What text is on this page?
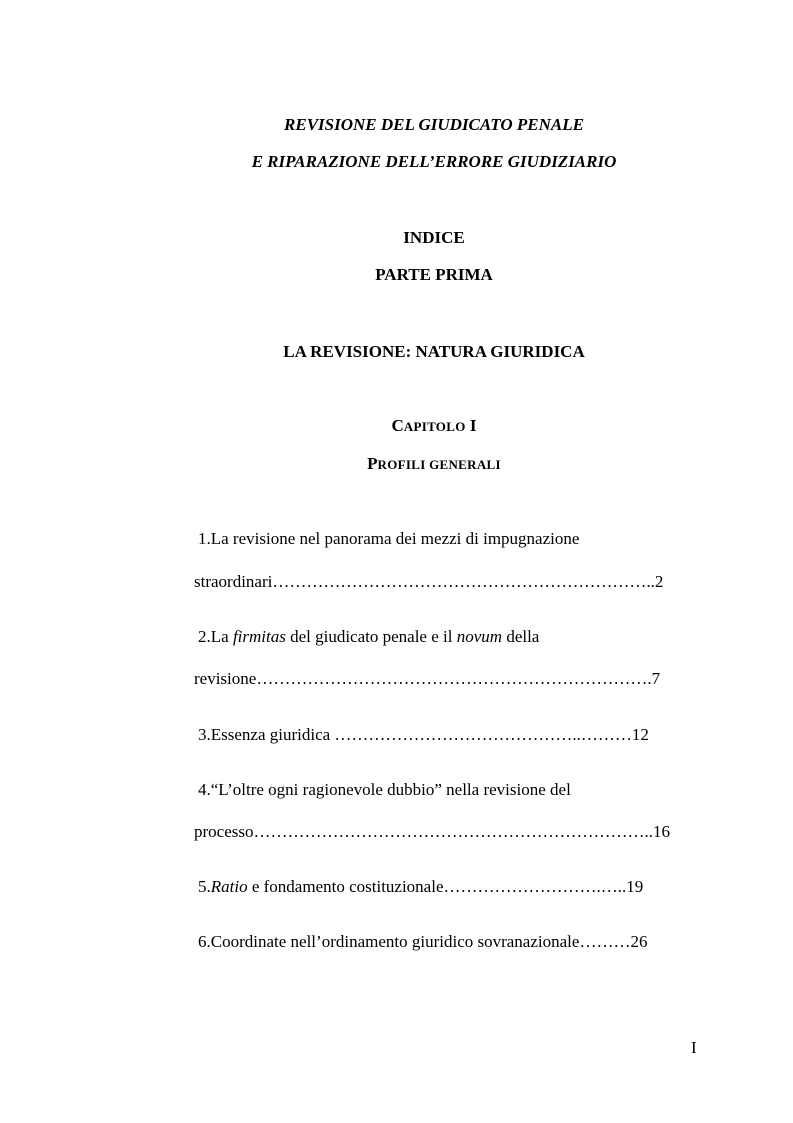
REVISIONE DEL GIUDICATO PENALE
E RIPARAZIONE DELL’ERRORE GIUDIZIARIO
INDICE
PARTE PRIMA
LA REVISIONE: NATURA GIURIDICA
CAPITOLO I
PROFILI GENERALI
1.La revisione nel panorama dei mezzi di impugnazione
straordinari…………………………………………………………..2
2.La firmitas del giudicato penale e il novum della
revisione…………………………………………………………….7
3.Essenza giuridica ……………………………………..………12
4.“L’oltre ogni ragionevole dubbio” nella revisione del
processo……………………………………………………………..16
5.Ratio e fondamento costituzionale……………………….…..19
6.Coordinate nell’ordinamento giuridico sovranazionale………26
I
